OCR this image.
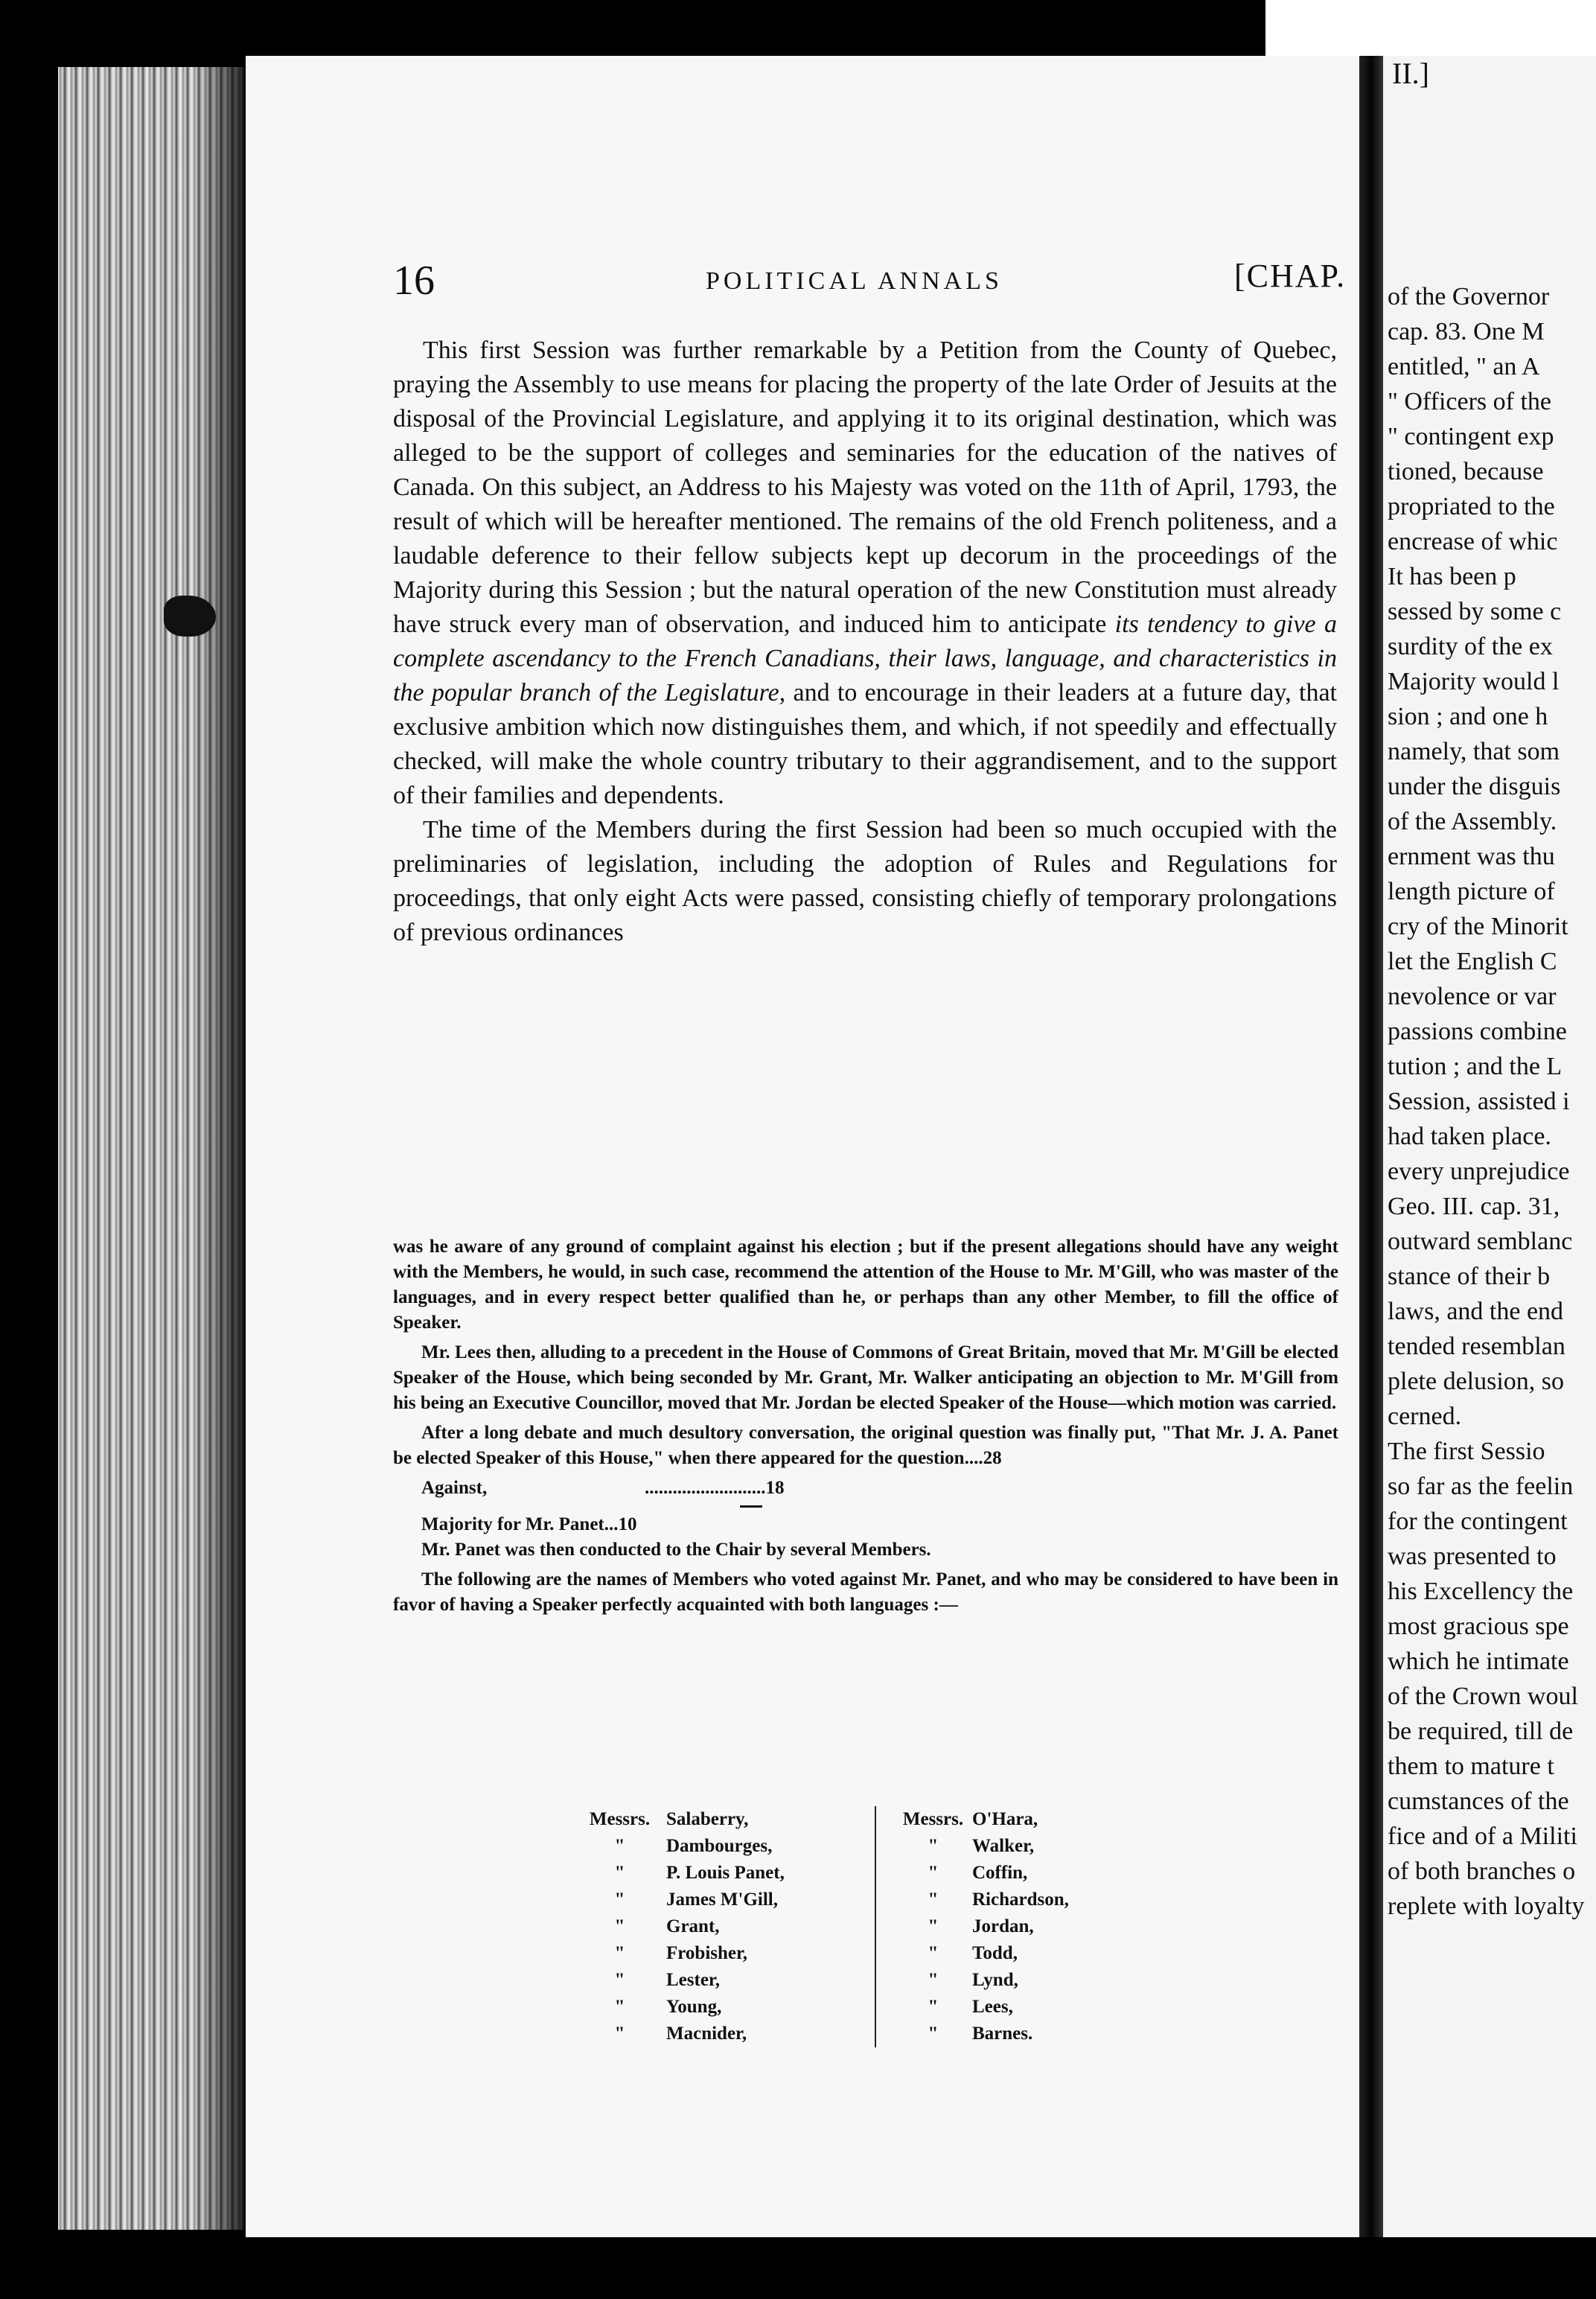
II.]
of the Governor
cap. 83. One M
entitled, " an A
" Officers of the
" contingent exp
tioned, because
propriated to the
encrease of whic
It has been p
sessed by some c
surdity of the ex
Majority would l
sion ; and one h
namely, that som
under the disguis
of the Assembly.
ernment was thu
length picture of
cry of the Minorit
let the English C
nevolence or var
passions combine
tution ; and the L
Session, assisted i
had taken place.
every unprejudice
Geo. III. cap. 31,
outward semblanc
stance of their b
laws, and the end
tended resemblan
plete delusion, so
cerned.
The first Sessio
so far as the feelin
for the contingent
was presented to
his Excellency the
most gracious spe
which he intimate
of the Crown woul
be required, till de
them to mature t
cumstances of the
fice and of a Militi
of both branches o
replete with loyalty
16	POLITICAL ANNALS	[CHAP.

This first Session was further remarkable by a Petition from the County of Quebec, praying the Assembly to use means for placing the property of the late Order of Jesuits at the disposal of the Provincial Legislature, and applying it to its original destination, which was alleged to be the support of colleges and seminaries for the education of the natives of Canada. On this subject, an Address to his Majesty was voted on the 11th of April, 1793, the result of which will be hereafter mentioned. The remains of the old French politeness, and a laudable deference to their fellow subjects kept up decorum in the proceedings of the Majority during this Session ; but the natural operation of the new Constitution must already have struck every man of observation, and induced him to anticipate its tendency to give a complete ascendancy to the French Canadians, their laws, language, and characteristics in the popular branch of the Legislature, and to encourage in their leaders at a future day, that exclusive ambition which now distinguishes them, and which, if not speedily and effectually checked, will make the whole country tributary to their aggrandisement, and to the support of their families and dependents.

The time of the Members during the first Session had been so much occupied with the preliminaries of legislation, including the adoption of Rules and Regulations for proceedings, that only eight Acts were passed, consisting chiefly of temporary prolongations of previous ordinances

was he aware of any ground of complaint against his election ; but if the present allegations should have any weight with the Members, he would, in such case, recommend the attention of the House to Mr. M'Gill, who was master of the languages, and in every respect better qualified than he, or perhaps than any other Member, to fill the office of Speaker.

Mr. Lees then, alluding to a precedent in the House of Commons of Great Britain, moved that Mr. M'Gill be elected Speaker of the House, which being seconded by Mr. Grant, Mr. Walker anticipating an objection to Mr. M'Gill from his being an Executive Councillor, moved that Mr. Jordan be elected Speaker of the House—which motion was carried.

After a long debate and much desultory conversation, the original question was finally put, "That Mr. J. A. Panet be elected Speaker of this House," when there appeared for the question....28

Against,	..........................18
Majority for Mr. Panet ...10

Mr. Panet was then conducted to the Chair by several Members.

The following are the names of Members who voted against Mr. Panet, and who may be considered to have been in favor of having a Speaker perfectly acquainted with both languages :—

Messrs. Salaberry,
"	Dambourges,
"	P. Louis Panet,
"	James M'Gill,
"	Grant,
"	Frobisher,
"	Lester,
"	Young,
"	Macnider,
Messrs. O'Hara,
"	Walker,
"	Coffin,
"	Richardson,
"	Jordan,
"	Todd,
"	Lynd,
"	Lees,
"	Barnes.
